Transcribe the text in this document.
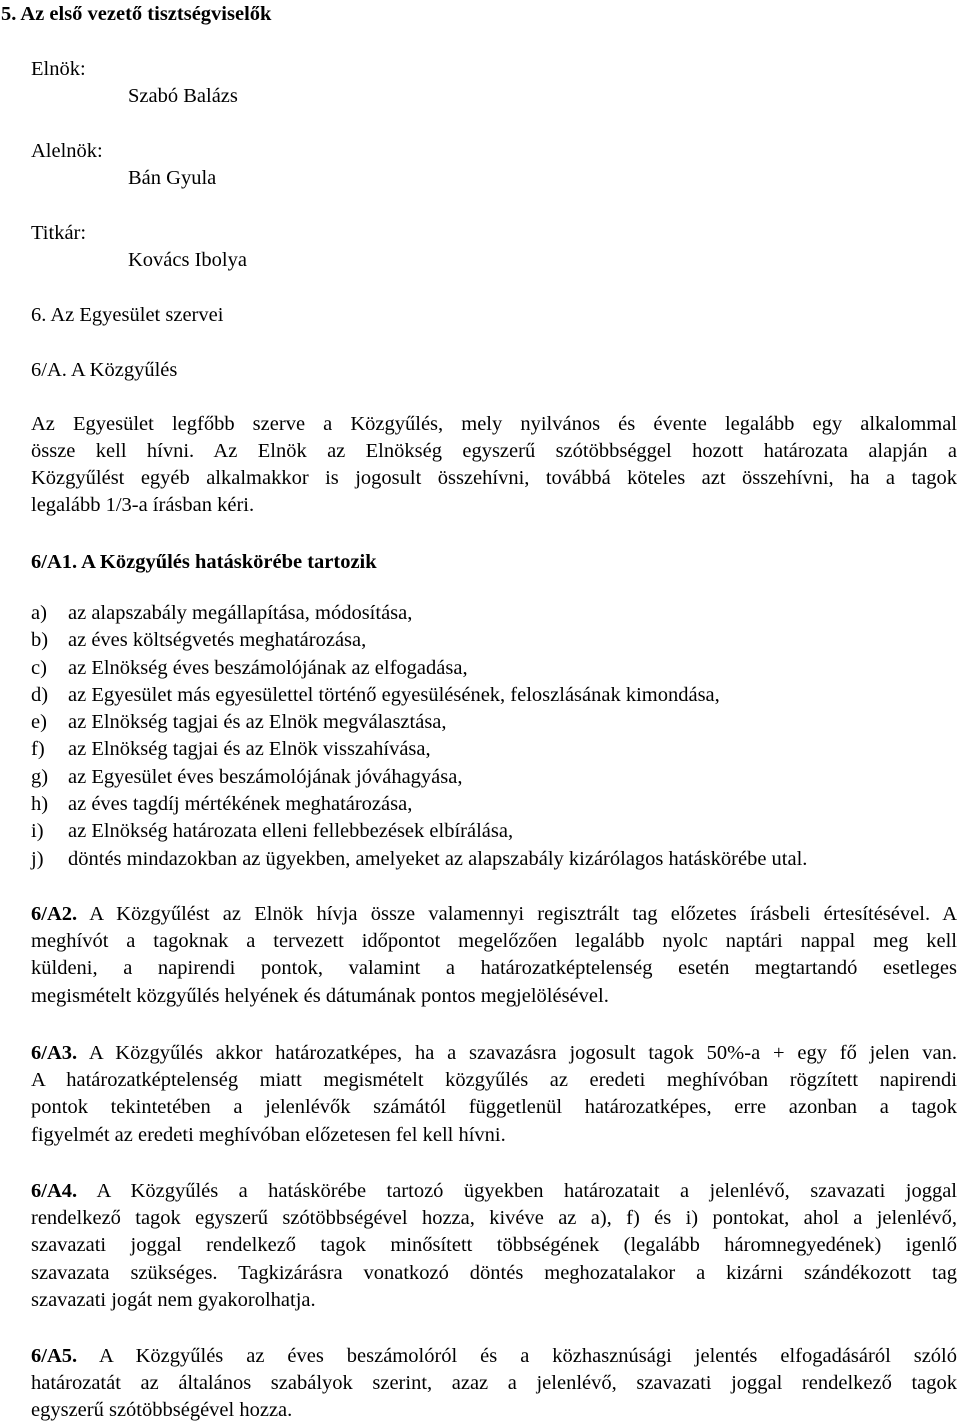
5. Az első vezető tisztségviselők
Elnök:
Szabó Balázs
Alelnök:
Bán Gyula
Titkár:
Kovács Ibolya
6. Az Egyesület szervei
6/A. A Közgyűlés
Az Egyesület legfőbb szerve a Közgyűlés, mely nyilvános és évente legalább egy alkalommal
össze kell hívni. Az Elnök az Elnökség egyszerű szótöbbséggel hozott határozata alapján a
Közgyűlést egyéb alkalmakkor is jogosult összehívni, továbbá köteles azt összehívni, ha a tagok
legalább 1/3-a írásban kéri.
6/A1. A Közgyűlés hatáskörébe tartozik
a)	az alapszabály megállapítása, módosítása,
b) az éves költségvetés meghatározása,
c)	az Elnökség éves beszámolójának az elfogadása,
d) az Egyesület más egyesülettel történő egyesülésének, feloszlásának kimondása,
e)	az Elnökség tagjai és az Elnök megválasztása,
f)	az Elnökség tagjai és az Elnök visszahívása,
g) az Egyesület éves beszámolójának jóváhagyása,
h) az éves tagdíj mértékének meghatározása,
i)	az Elnökség határozata elleni fellebbezések elbírálása,
j)	döntés mindazokban az ügyekben, amelyeket az alapszabály kizárólagos hatáskörébe utal.
6/A2. A Közgyűlést az Elnök hívja össze valamennyi regisztrált tag előzetes írásbeli értesítésével. A
meghívót a tagoknak a tervezett időpontot megelőzően legalább nyolc naptári nappal meg kell
küldeni, a napirendi pontok, valamint a határozatképtelenség esetén megtartandó esetleges
megismételt közgyűlés helyének és dátumának pontos megjelölésével.
6/A3. A Közgyűlés akkor határozatképes, ha a szavazásra jogosult tagok 50%-a + egy fő jelen van.
A határozatképtelenség miatt megismételt közgyűlés az eredeti meghívóban rögzített napirendi
pontok tekintetében a jelenlévők számától függetlenül határozatképes, erre azonban a tagok
figyelmét az eredeti meghívóban előzetesen fel kell hívni.
6/A4. A Közgyűlés a hatáskörébe tartozó ügyekben határozatait a jelenlévő, szavazati joggal
rendelkező tagok egyszerű szótöbbségével hozza, kivéve az a), f) és i) pontokat, ahol a jelenlévő,
szavazati joggal rendelkező tagok minősített többségének (legalább háromnegyedének) igenlő
szavazata szükséges. Tagkizárásra vonatkozó döntés meghozatalakor a kizárni szándékozott tag
szavazati jogát nem gyakorolhatja.
6/A5. A Közgyűlés az éves beszámolóról és a közhasznúsági jelentés elfogadásáról szóló
határozatát az általános szabályok szerint, azaz a jelenlévő, szavazati joggal rendelkező tagok
egyszerű szótöbbségével hozza.
